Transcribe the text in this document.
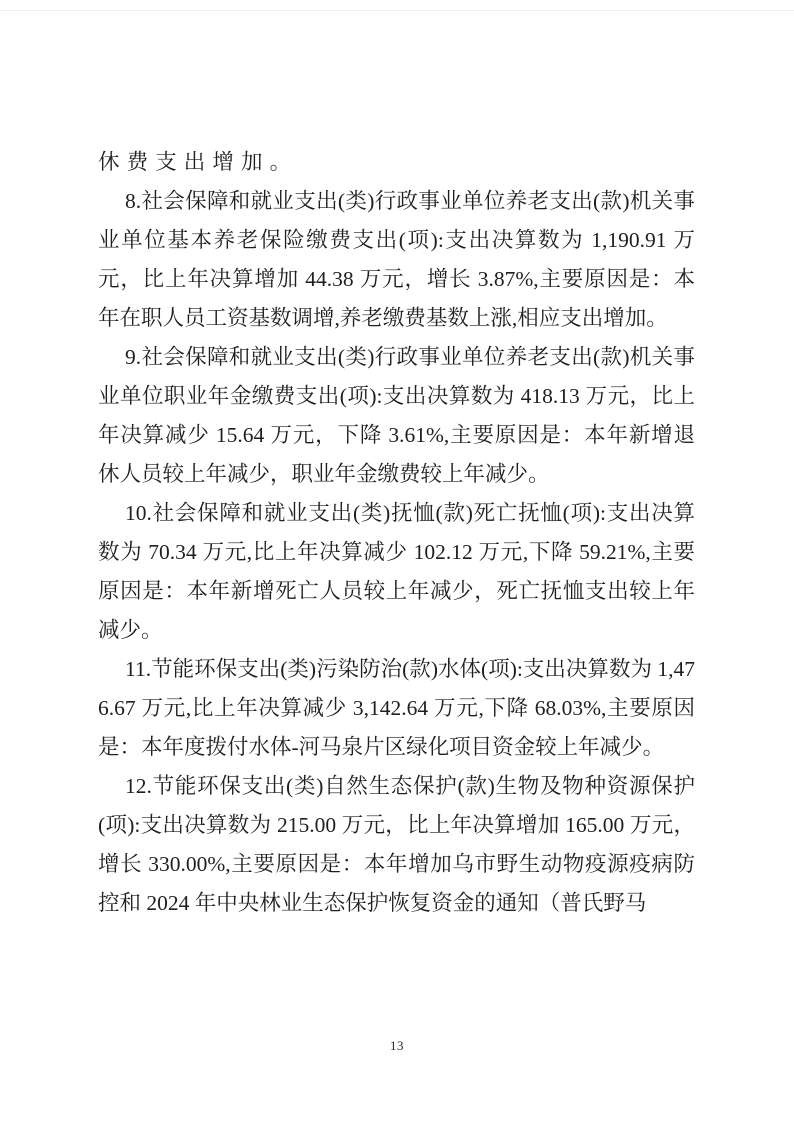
休费支出增加。

8.社会保障和就业支出(类)行政事业单位养老支出(款)机关事业单位基本养老保险缴费支出(项):支出决算数为 1,190.91 万元，比上年决算增加 44.38 万元，增长 3.87%,主要原因是：本年在职人员工资基数调增,养老缴费基数上涨,相应支出增加。

9.社会保障和就业支出(类)行政事业单位养老支出(款)机关事业单位职业年金缴费支出(项):支出决算数为 418.13 万元，比上年决算减少 15.64 万元，下降 3.61%,主要原因是：本年新增退休人员较上年减少，职业年金缴费较上年减少。

10.社会保障和就业支出(类)抚恤(款)死亡抚恤(项):支出决算数为 70.34 万元,比上年决算减少 102.12 万元,下降 59.21%,主要原因是：本年新增死亡人员较上年减少，死亡抚恤支出较上年减少。

11.节能环保支出(类)污染防治(款)水体(项):支出决算数为 1,476.67 万元,比上年决算减少 3,142.64 万元,下降 68.03%,主要原因是：本年度拨付水体-河马泉片区绿化项目资金较上年减少。

12.节能环保支出(类)自然生态保护(款)生物及物种资源保护(项):支出决算数为 215.00 万元，比上年决算增加 165.00 万元，增长 330.00%,主要原因是：本年增加乌市野生动物疫源疫病防控和 2024 年中央林业生态保护恢复资金的通知（普氏野马

13
